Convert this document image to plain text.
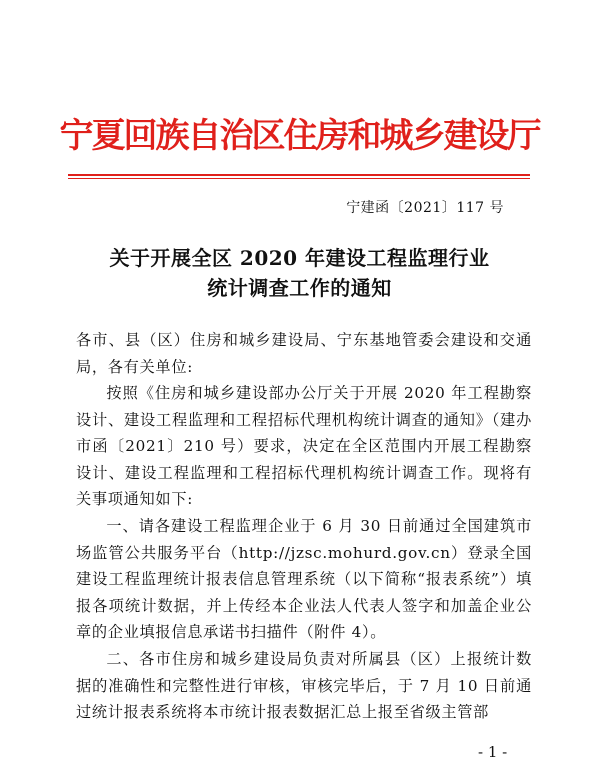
宁夏回族自治区住房和城乡建设厅
宁建函〔2021〕117 号
关于开展全区 2020 年建设工程监理行业
统计调查工作的通知
各市、县（区）住房和城乡建设局、宁东基地管委会建设和交通局，各有关单位:
按照《住房和城乡建设部办公厅关于开展 2020 年工程勘察设计、建设工程监理和工程招标代理机构统计调查的通知》（建办市函〔2021〕210 号）要求，决定在全区范围内开展工程勘察设计、建设工程监理和工程招标代理机构统计调查工作。现将有关事项通知如下:
一、请各建设工程监理企业于 6 月 30 日前通过全国建筑市场监管公共服务平台（http://jzsc.mohurd.gov.cn）登录全国建设工程监理统计报表信息管理系统（以下简称“报表系统”）填报各项统计数据，并上传经本企业法人代表人签字和加盖企业公章的企业填报信息承诺书扫描件（附件 4）。
二、各市住房和城乡建设局负责对所属县（区）上报统计数据的准确性和完整性进行审核，审核完毕后，于 7 月 10 日前通过统计报表系统将本市统计报表数据汇总上报至省级主管部
- 1 -
